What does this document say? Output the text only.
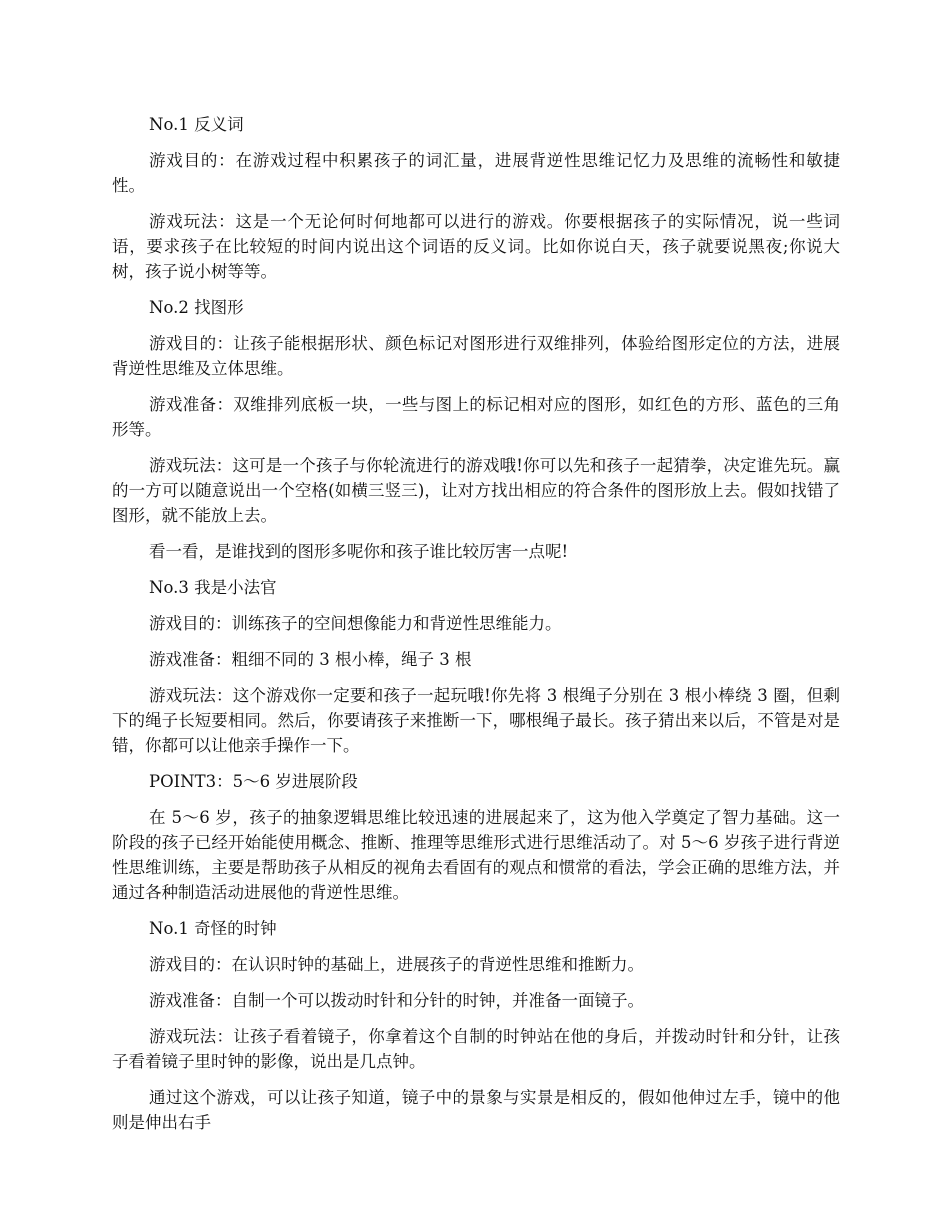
No.1 反义词

游戏目的：在游戏过程中积累孩子的词汇量，进展背逆性思维记忆力及思维的流畅性和敏捷性。

游戏玩法：这是一个无论何时何地都可以进行的游戏。你要根据孩子的实际情况，说一些词语，要求孩子在比较短的时间内说出这个词语的反义词。比如你说白天，孩子就要说黑夜;你说大树，孩子说小树等等。

No.2 找图形

游戏目的：让孩子能根据形状、颜色标记对图形进行双维排列，体验给图形定位的方法，进展背逆性思维及立体思维。

游戏准备：双维排列底板一块，一些与图上的标记相对应的图形，如红色的方形、蓝色的三角形等。

游戏玩法：这可是一个孩子与你轮流进行的游戏哦!你可以先和孩子一起猜拳，决定谁先玩。赢的一方可以随意说出一个空格(如横三竖三)，让对方找出相应的符合条件的图形放上去。假如找错了图形，就不能放上去。

看一看，是谁找到的图形多呢你和孩子谁比较厉害一点呢!

No.3 我是小法官

游戏目的：训练孩子的空间想像能力和背逆性思维能力。

游戏准备：粗细不同的 3 根小棒，绳子 3 根

游戏玩法：这个游戏你一定要和孩子一起玩哦!你先将 3 根绳子分别在 3 根小棒绕 3 圈，但剩下的绳子长短要相同。然后，你要请孩子来推断一下，哪根绳子最长。孩子猜出来以后，不管是对是错，你都可以让他亲手操作一下。

POINT3：5～6 岁进展阶段

在 5～6 岁，孩子的抽象逻辑思维比较迅速的进展起来了，这为他入学奠定了智力基础。这一阶段的孩子已经开始能使用概念、推断、推理等思维形式进行思维活动了。对 5～6 岁孩子进行背逆性思维训练，主要是帮助孩子从相反的视角去看固有的观点和惯常的看法，学会正确的思维方法，并通过各种制造活动进展他的背逆性思维。

No.1 奇怪的时钟

游戏目的：在认识时钟的基础上，进展孩子的背逆性思维和推断力。

游戏准备：自制一个可以拨动时针和分针的时钟，并准备一面镜子。

游戏玩法：让孩子看着镜子，你拿着这个自制的时钟站在他的身后，并拨动时针和分针，让孩子看着镜子里时钟的影像，说出是几点钟。

通过这个游戏，可以让孩子知道，镜子中的景象与实景是相反的，假如他伸过左手，镜中的他则是伸出右手
